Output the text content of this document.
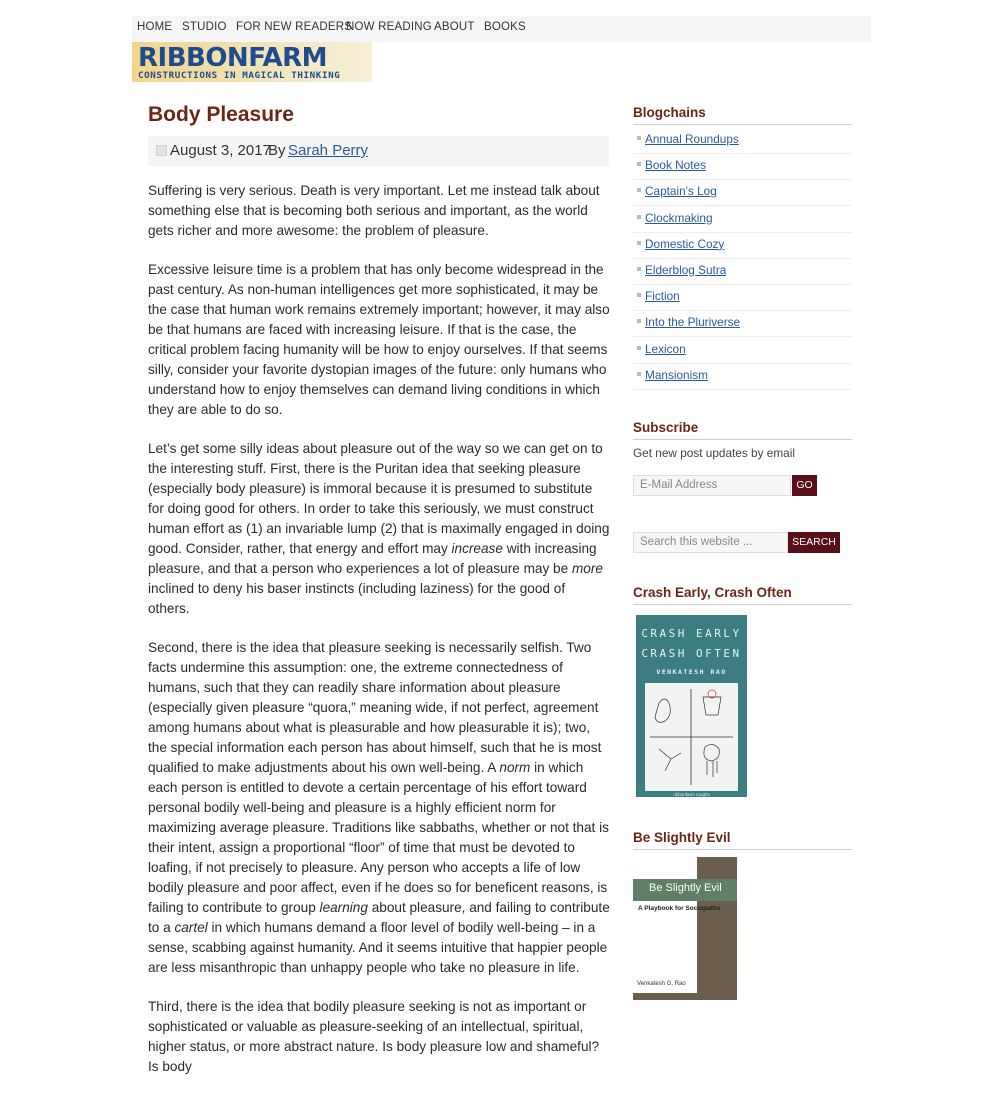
HOME STUDIO FOR NEW READERS
NOW READING ABOUT BOOKS
RIBBONFARM
CONSTRUCTIONS IN MAGICAL THINKING
Body Pleasure
August 3, 2017
By Sarah Perry

Suffering is very serious. Death is very important. Let me instead talk about something else that is becoming both serious and important, as the world gets richer and more awesome: the problem of pleasure.

Excessive leisure time is a problem that has only become widespread in the past century. As non-human intelligences get more sophisticated, it may be the case that human work remains extremely important; however, it may also be that humans are faced with increasing leisure. If that is the case, the critical problem facing humanity will be how to enjoy ourselves. If that seems silly, consider your favorite dystopian images of the future: only humans who understand how to enjoy themselves can demand living conditions in which they are able to do so.

Let’s get some silly ideas about pleasure out of the way so we can get on to the interesting stuff. First, there is the Puritan idea that seeking pleasure (especially body pleasure) is immoral because it is presumed to substitute for doing good for others. In order to take this seriously, we must construct human effort as (1) an invariable lump (2) that is maximally engaged in doing good. Consider, rather, that energy and effort may increase with increasing pleasure, and that a person who experiences a lot of pleasure may be more inclined to deny his baser instincts (including laziness) for the good of others.

Second, there is the idea that pleasure seeking is necessarily selfish. Two facts undermine this assumption: one, the extreme connectedness of humans, such that they can readily share information about pleasure (especially given pleasure “quora,” meaning wide, if not perfect, agreement among humans about what is pleasurable and how pleasurable it is); two, the special information each person has about himself, such that he is most qualified to make adjustments about his own well-being. A norm in which each person is entitled to devote a certain percentage of his effort toward personal bodily well-being and pleasure is a highly efficient norm for maximizing average pleasure. Traditions like sabbaths, whether or not that is their intent, assign a proportional “floor” of time that must be devoted to loafing, if not precisely to pleasure. Any person who accepts a life of low bodily pleasure and poor affect, even if he does so for beneficent reasons, is failing to contribute to group learning about pleasure, and failing to contribute to a cartel in which humans demand a floor level of bodily well-being – in a sense, scabbing against humanity. And it seems intuitive that happier people are less misanthropic than unhappy people who take no pleasure in life.

Third, there is the idea that bodily pleasure seeking is not as important or sophisticated or valuable as pleasure-seeking of an intellectual, spiritual, higher status, or more abstract nature. Is body pleasure low and shameful? Is body

Blogchains
Annual Roundups
Book Notes
Captain's Log
Clockmaking
Domestic Cozy
Elderblog Sutra
Fiction
Into the Pluriverse
Lexicon
Mansionism
Subscribe
Get new post updates by email
E-Mail Address	GO
Search this website ...	SEARCH
Crash Early, Crash Often
CRASH EARLY
CRASH OFTEN
VENKATESH RAO
ribbonfarm roughs
Be Slightly Evil
Be Slightly Evil
A Playbook for Sociopaths
Venkatesh G. Rao
